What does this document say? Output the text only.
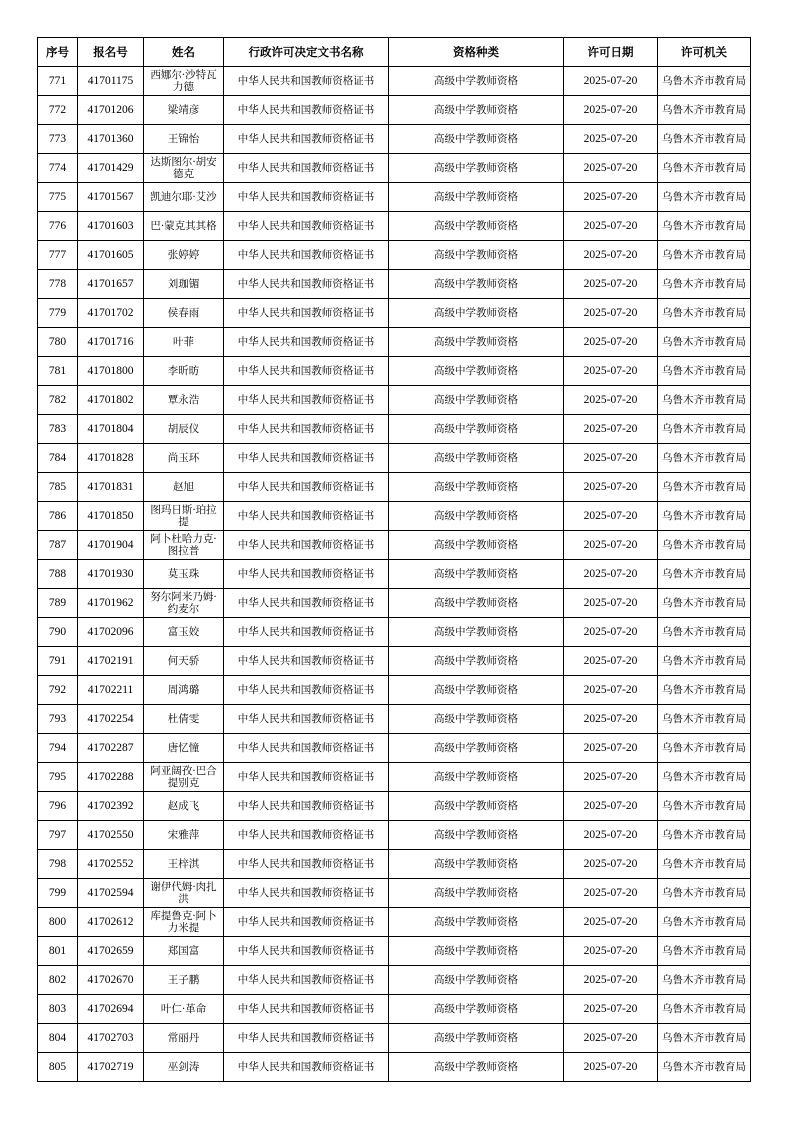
序号	报名号	姓名	行政许可决定文书名称	资格种类	许可日期	许可机关
771	41701175	西娜尔·沙特瓦力德	中华人民共和国教师资格证书	高级中学教师资格	2025-07-20	乌鲁木齐市教育局
772	41701206	梁靖彦	中华人民共和国教师资格证书	高级中学教师资格	2025-07-20	乌鲁木齐市教育局
773	41701360	王锦怡	中华人民共和国教师资格证书	高级中学教师资格	2025-07-20	乌鲁木齐市教育局
774	41701429	达斯图尔·胡安德克	中华人民共和国教师资格证书	高级中学教师资格	2025-07-20	乌鲁木齐市教育局
775	41701567	凯迪尔耶·艾沙	中华人民共和国教师资格证书	高级中学教师资格	2025-07-20	乌鲁木齐市教育局
776	41701603	巴·蒙克其其格	中华人民共和国教师资格证书	高级中学教师资格	2025-07-20	乌鲁木齐市教育局
777	41701605	张婷婷	中华人民共和国教师资格证书	高级中学教师资格	2025-07-20	乌鲁木齐市教育局
778	41701657	刘珈镅	中华人民共和国教师资格证书	高级中学教师资格	2025-07-20	乌鲁木齐市教育局
779	41701702	侯春雨	中华人民共和国教师资格证书	高级中学教师资格	2025-07-20	乌鲁木齐市教育局
780	41701716	叶菲	中华人民共和国教师资格证书	高级中学教师资格	2025-07-20	乌鲁木齐市教育局
781	41701800	李昕昉	中华人民共和国教师资格证书	高级中学教师资格	2025-07-20	乌鲁木齐市教育局
782	41701802	覃永浩	中华人民共和国教师资格证书	高级中学教师资格	2025-07-20	乌鲁木齐市教育局
783	41701804	胡辰仪	中华人民共和国教师资格证书	高级中学教师资格	2025-07-20	乌鲁木齐市教育局
784	41701828	尚玉环	中华人民共和国教师资格证书	高级中学教师资格	2025-07-20	乌鲁木齐市教育局
785	41701831	赵旭	中华人民共和国教师资格证书	高级中学教师资格	2025-07-20	乌鲁木齐市教育局
786	41701850	图玛日斯·珀拉提	中华人民共和国教师资格证书	高级中学教师资格	2025-07-20	乌鲁木齐市教育局
787	41701904	阿卜杜哈力克·图拉普	中华人民共和国教师资格证书	高级中学教师资格	2025-07-20	乌鲁木齐市教育局
788	41701930	莫玉珠	中华人民共和国教师资格证书	高级中学教师资格	2025-07-20	乌鲁木齐市教育局
789	41701962	努尔阿米乃姆·约麦尔	中华人民共和国教师资格证书	高级中学教师资格	2025-07-20	乌鲁木齐市教育局
790	41702096	富玉姣	中华人民共和国教师资格证书	高级中学教师资格	2025-07-20	乌鲁木齐市教育局
791	41702191	何天骄	中华人民共和国教师资格证书	高级中学教师资格	2025-07-20	乌鲁木齐市教育局
792	41702211	周鸿璐	中华人民共和国教师资格证书	高级中学教师资格	2025-07-20	乌鲁木齐市教育局
793	41702254	杜倩雯	中华人民共和国教师资格证书	高级中学教师资格	2025-07-20	乌鲁木齐市教育局
794	41702287	唐忆憧	中华人民共和国教师资格证书	高级中学教师资格	2025-07-20	乌鲁木齐市教育局
795	41702288	阿亚阔孜·巴合提别克	中华人民共和国教师资格证书	高级中学教师资格	2025-07-20	乌鲁木齐市教育局
796	41702392	赵成飞	中华人民共和国教师资格证书	高级中学教师资格	2025-07-20	乌鲁木齐市教育局
797	41702550	宋雅萍	中华人民共和国教师资格证书	高级中学教师资格	2025-07-20	乌鲁木齐市教育局
798	41702552	王梓淇	中华人民共和国教师资格证书	高级中学教师资格	2025-07-20	乌鲁木齐市教育局
799	41702594	谢伊代姆·肉扎洪	中华人民共和国教师资格证书	高级中学教师资格	2025-07-20	乌鲁木齐市教育局
800	41702612	库提鲁克·阿卜力米提	中华人民共和国教师资格证书	高级中学教师资格	2025-07-20	乌鲁木齐市教育局
801	41702659	郑国富	中华人民共和国教师资格证书	高级中学教师资格	2025-07-20	乌鲁木齐市教育局
802	41702670	王子鹏	中华人民共和国教师资格证书	高级中学教师资格	2025-07-20	乌鲁木齐市教育局
803	41702694	叶仁·革命	中华人民共和国教师资格证书	高级中学教师资格	2025-07-20	乌鲁木齐市教育局
804	41702703	常丽丹	中华人民共和国教师资格证书	高级中学教师资格	2025-07-20	乌鲁木齐市教育局
805	41702719	巫剑涛	中华人民共和国教师资格证书	高级中学教师资格	2025-07-20	乌鲁木齐市教育局
